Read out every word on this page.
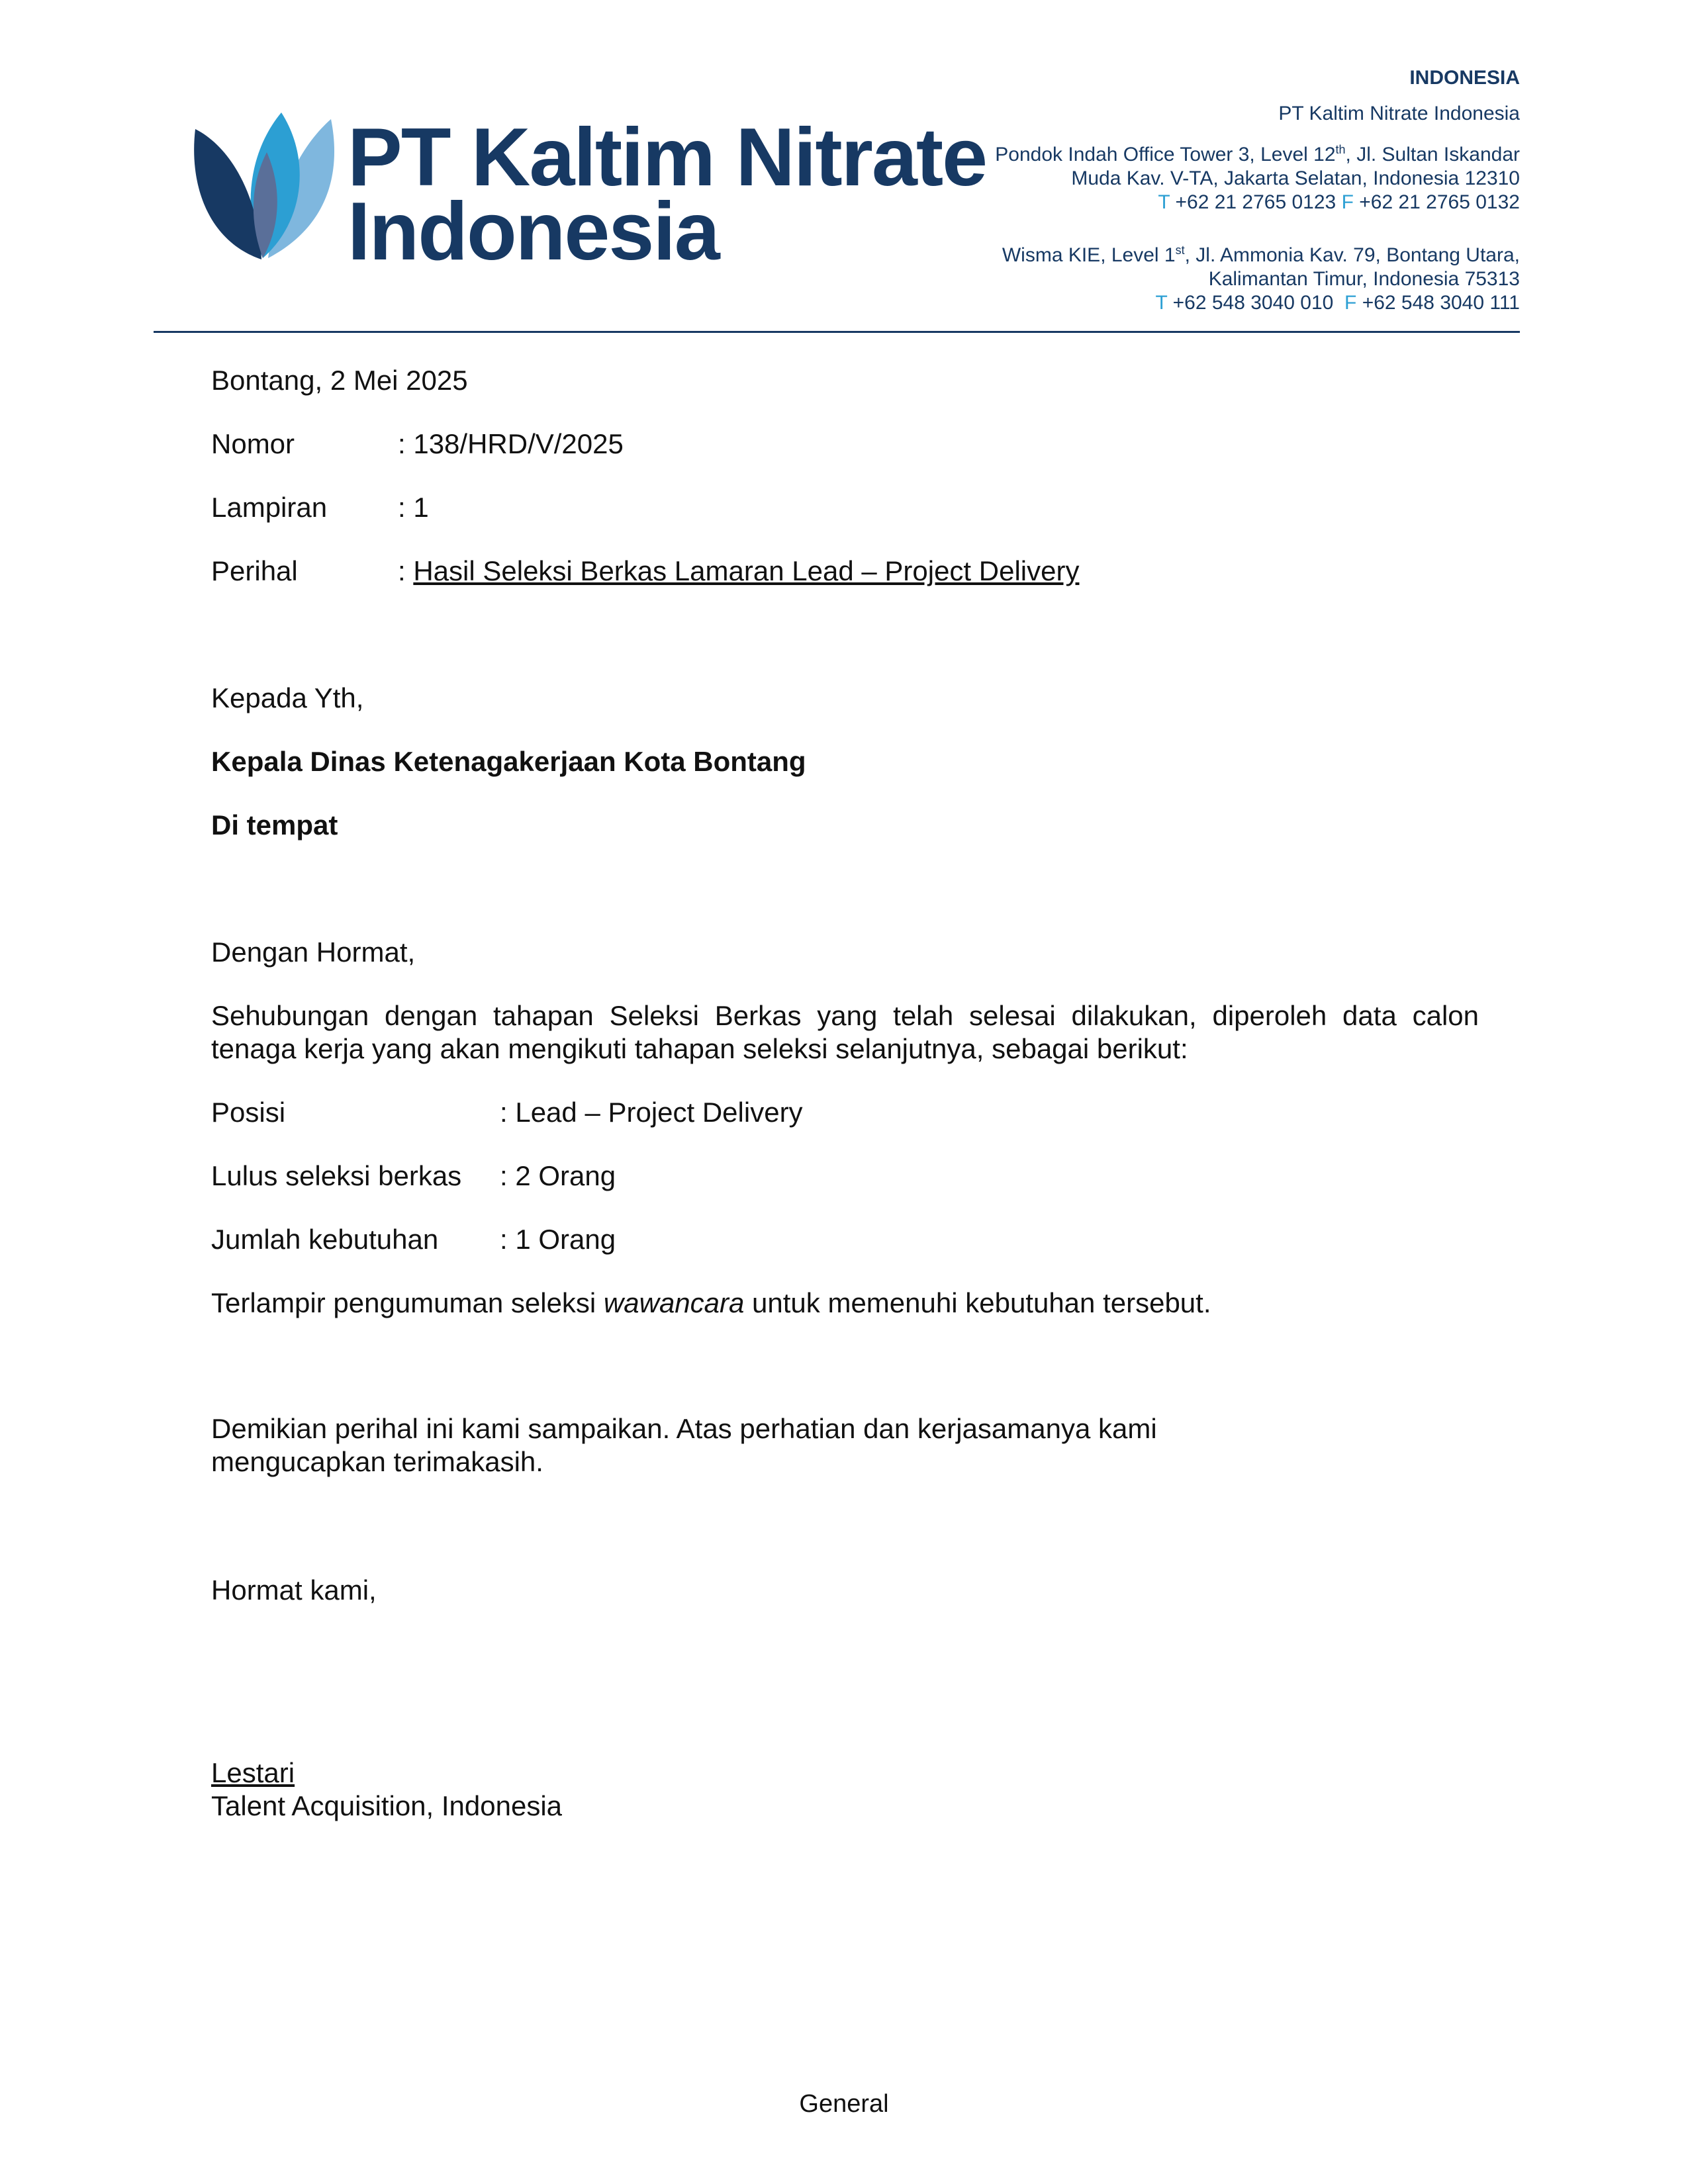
PT Kaltim Nitrate
Indonesia
INDONESIA
PT Kaltim Nitrate Indonesia
Pondok Indah Office Tower 3, Level 12th, Jl. Sultan Iskandar
Muda Kav. V-TA, Jakarta Selatan, Indonesia 12310
T +62 21 2765 0123 F +62 21 2765 0132
Wisma KIE, Level 1st, Jl. Ammonia Kav. 79, Bontang Utara,
Kalimantan Timur, Indonesia 75313
T +62 548 3040 010 F +62 548 3040 111
Bontang, 2 Mei 2025
Nomor	: 138/HRD/V/2025
Lampiran	: 1
Perihal	: Hasil Seleksi Berkas Lamaran Lead – Project Delivery
Kepada Yth,
Kepala Dinas Ketenagakerjaan Kota Bontang
Di tempat
Dengan Hormat,
Sehubungan dengan tahapan Seleksi Berkas yang telah selesai dilakukan, diperoleh data calon tenaga kerja yang akan mengikuti tahapan seleksi selanjutnya, sebagai berikut:
Posisi	: Lead – Project Delivery
Lulus seleksi berkas	: 2 Orang
Jumlah kebutuhan	: 1 Orang
Terlampir pengumuman seleksi wawancara untuk memenuhi kebutuhan tersebut.
Demikian perihal ini kami sampaikan. Atas perhatian dan kerjasamanya kami mengucapkan terimakasih.
Hormat kami,
Lestari
Talent Acquisition, Indonesia
General
